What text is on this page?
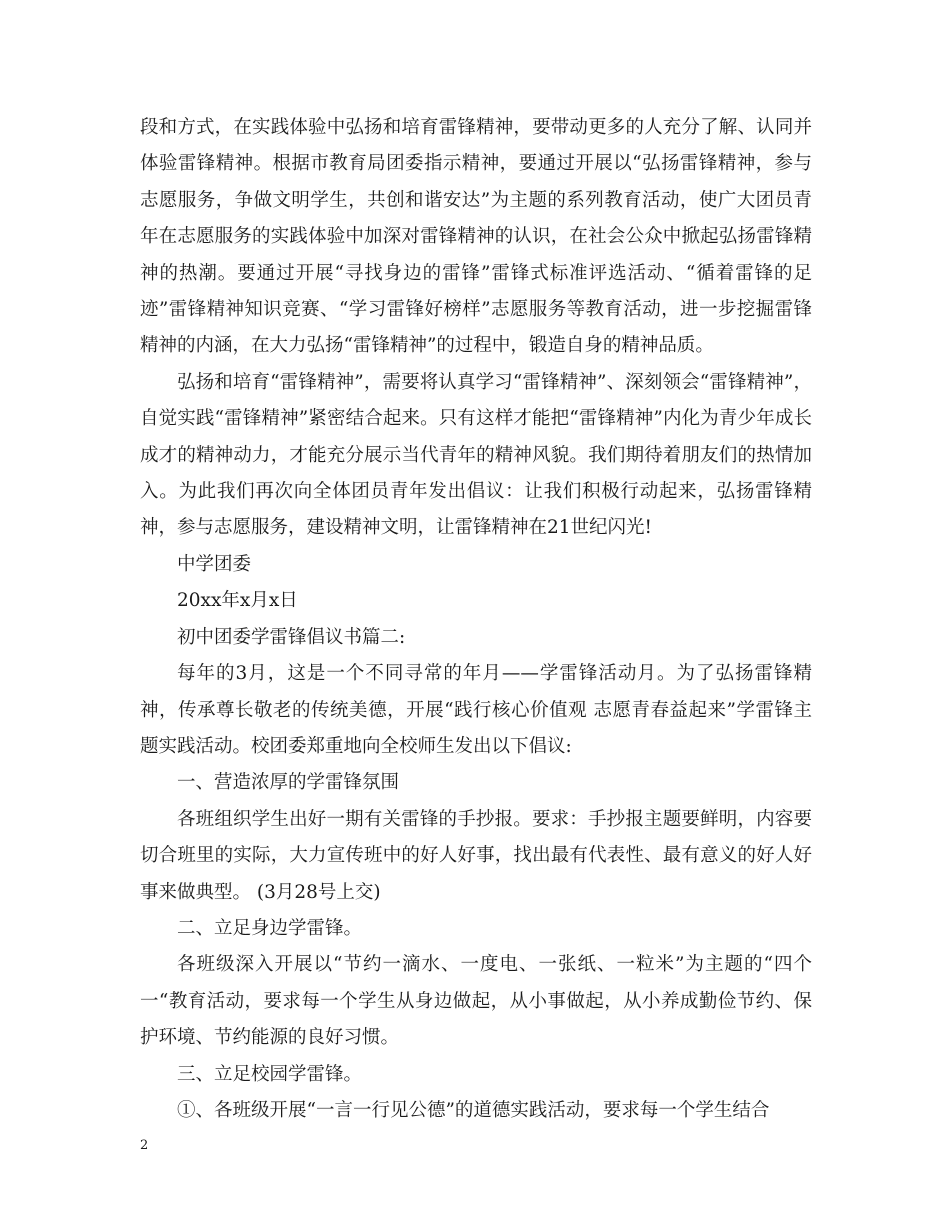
段和方式，在实践体验中弘扬和培育雷锋精神，要带动更多的人充分了解、认同并体验雷锋精神。根据市教育局团委指示精神，要通过开展以“弘扬雷锋精神，参与志愿服务，争做文明学生，共创和谐安达”为主题的系列教育活动，使广大团员青年在志愿服务的实践体验中加深对雷锋精神的认识，在社会公众中掀起弘扬雷锋精神的热潮。要通过开展“寻找身边的雷锋”雷锋式标准评选活动、“循着雷锋的足迹”雷锋精神知识竞赛、“学习雷锋好榜样”志愿服务等教育活动，进一步挖掘雷锋精神的内涵，在大力弘扬“雷锋精神”的过程中，锻造自身的精神品质。

弘扬和培育“雷锋精神”，需要将认真学习“雷锋精神”、深刻领会“雷锋精神”，自觉实践“雷锋精神”紧密结合起来。只有这样才能把“雷锋精神”内化为青少年成长成才的精神动力，才能充分展示当代青年的精神风貌。我们期待着朋友们的热情加入。为此我们再次向全体团员青年发出倡议：让我们积极行动起来，弘扬雷锋精神，参与志愿服务，建设精神文明，让雷锋精神在21世纪闪光!

中学团委

20xx年x月x日

初中团委学雷锋倡议书篇二:

每年的3月，这是一个不同寻常的年月——学雷锋活动月。为了弘扬雷锋精神，传承尊长敬老的传统美德，开展“践行核心价值观 志愿青春益起来”学雷锋主题实践活动。校团委郑重地向全校师生发出以下倡议:

一、营造浓厚的学雷锋氛围

各班组织学生出好一期有关雷锋的手抄报。要求：手抄报主题要鲜明，内容要切合班里的实际，大力宣传班中的好人好事，找出最有代表性、最有意义的好人好事来做典型。 (3月28号上交)

二、立足身边学雷锋。

各班级深入开展以“节约一滴水、一度电、一张纸、一粒米”为主题的“四个一“教育活动，要求每一个学生从身边做起，从小事做起，从小养成勤俭节约、保护环境、节约能源的良好习惯。

三、立足校园学雷锋。

①、各班级开展“一言一行见公德”的道德实践活动，要求每一个学生结合

2
